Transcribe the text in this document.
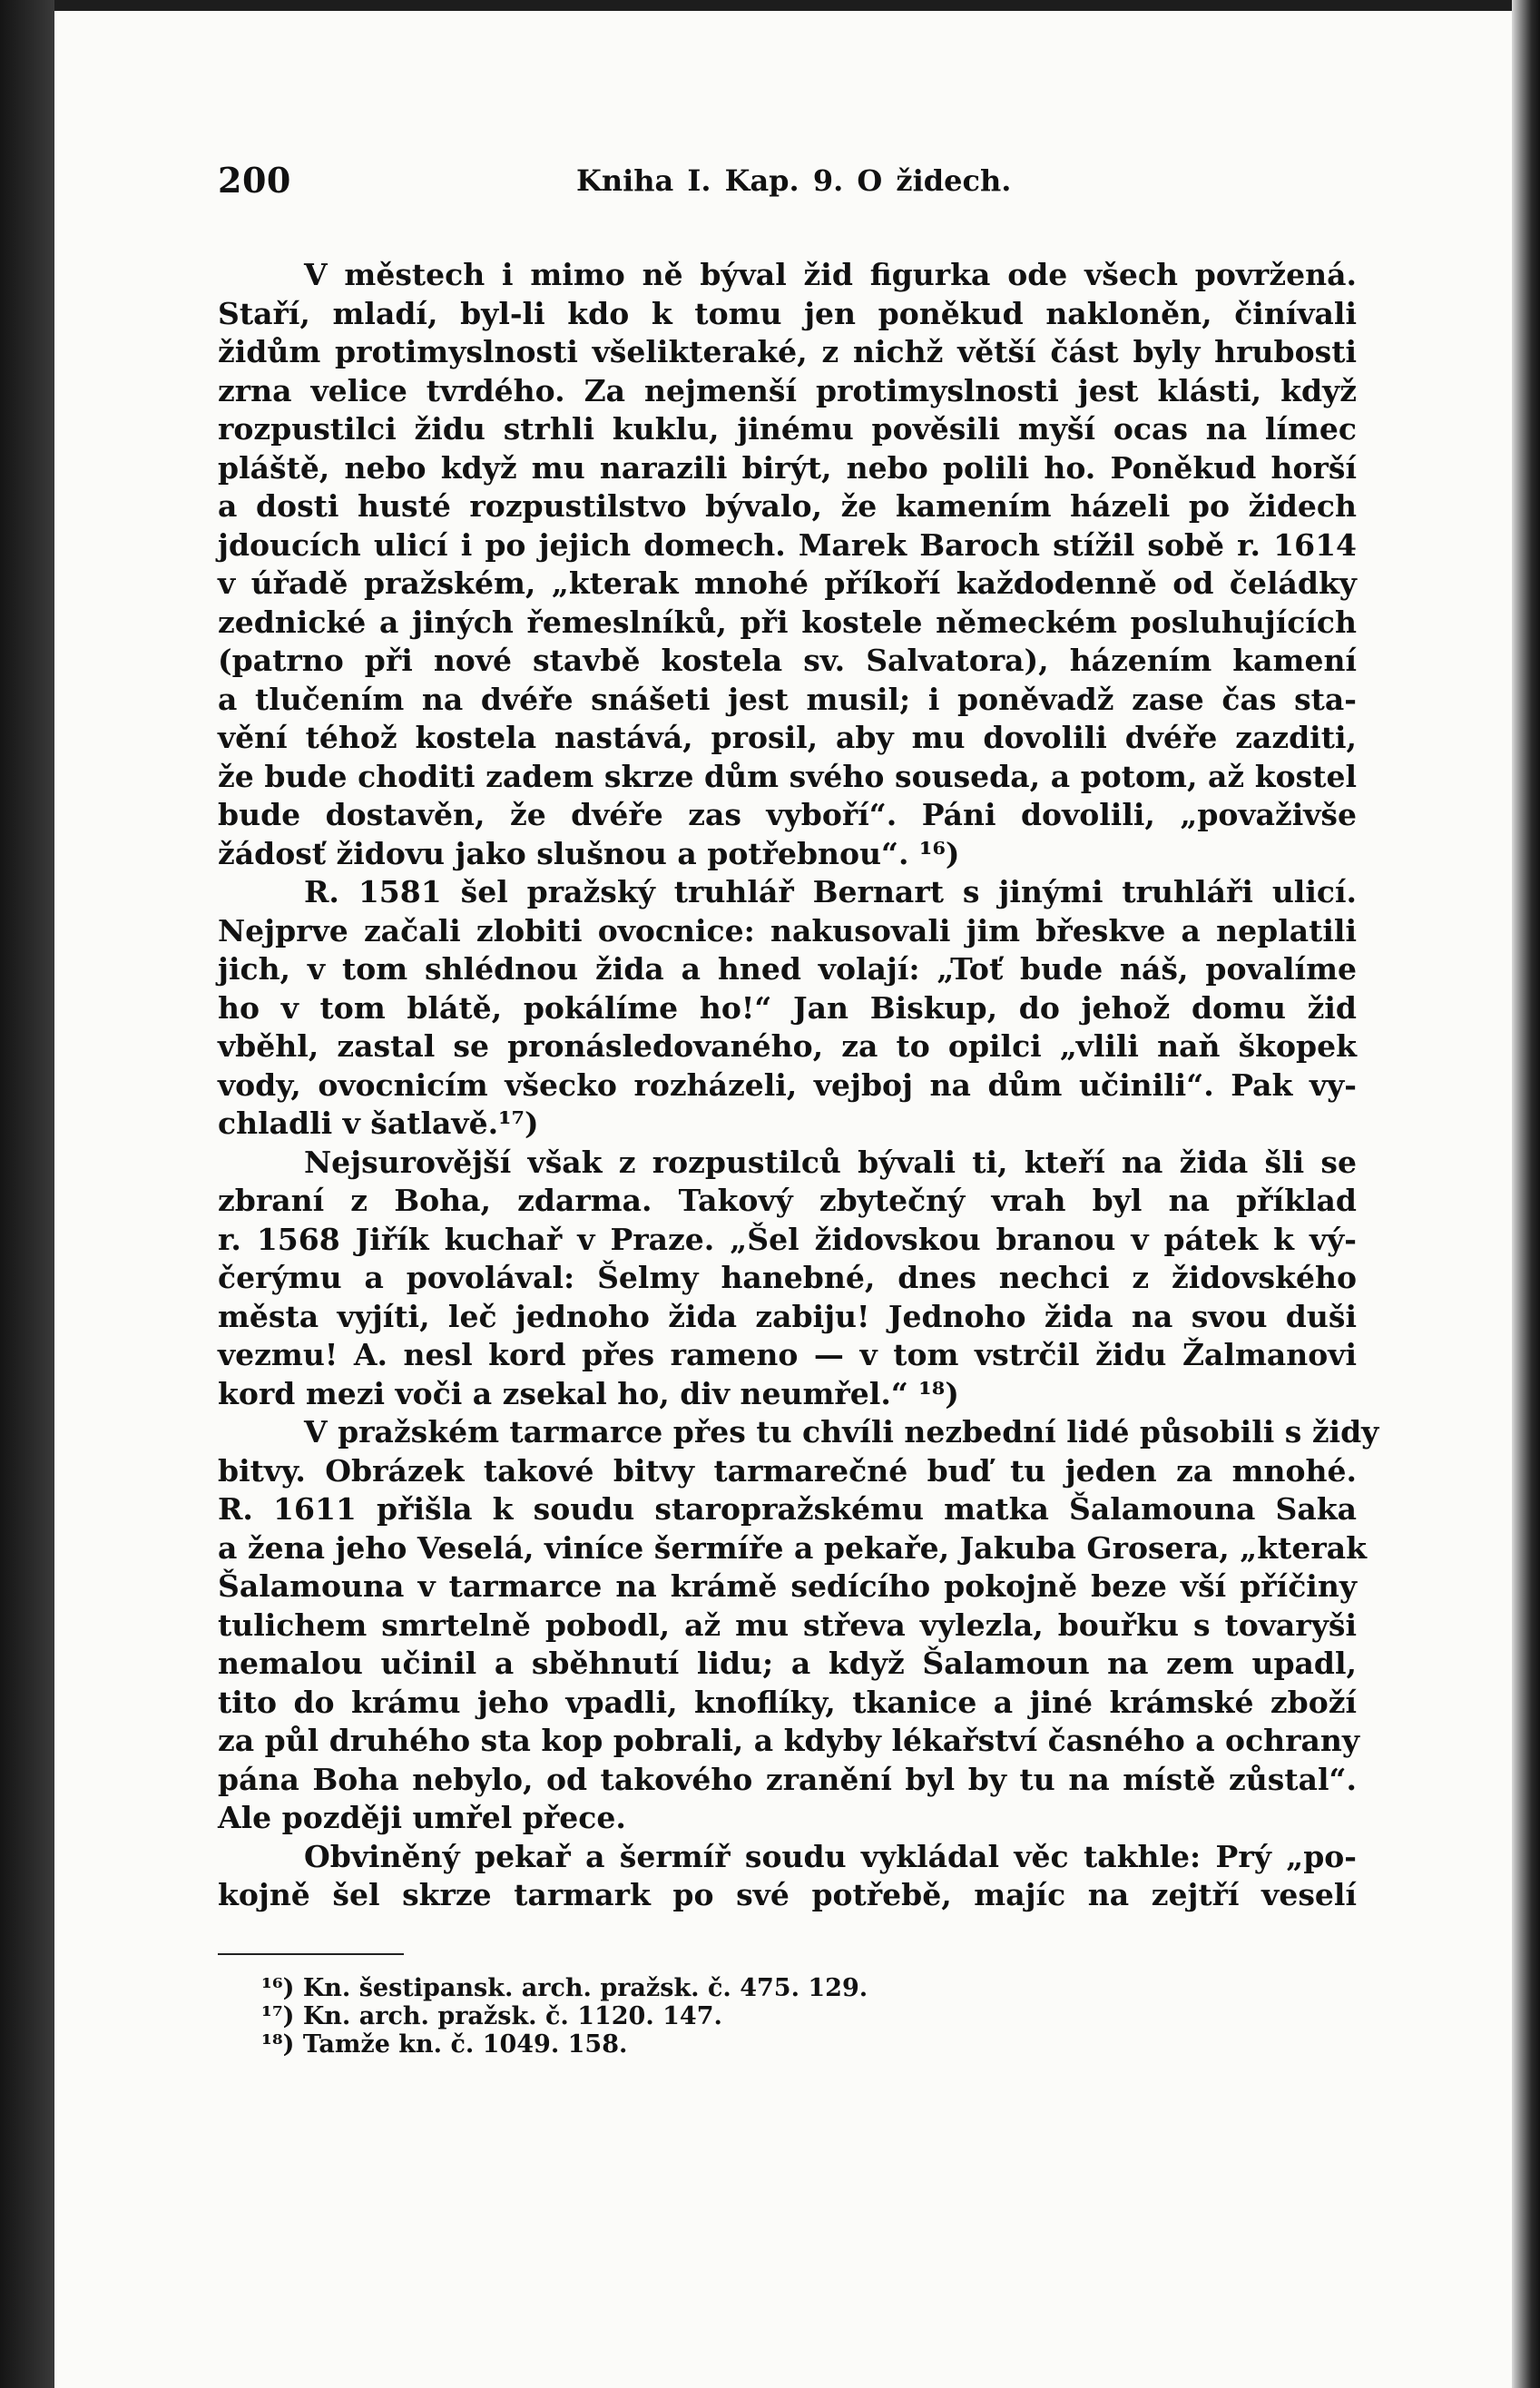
200	Kniha I. Kap. 9. O židech.
V městech i mimo ně býval žid figurka ode všech povržená.
Staří, mladí, byl-li kdo k tomu jen poněkud nakloněn, činívali
židům protimyslnosti všelikteraké, z nichž větší část byly hrubosti
zrna velice tvrdého. Za nejmenší protimyslnosti jest klásti, když
rozpustilci židu strhli kuklu, jinému pověsili myší ocas na límec
pláště, nebo když mu narazili birýt, nebo polili ho. Poněkud horší
a dosti husté rozpustilstvo bývalo, že kamením házeli po židech
jdoucích ulicí i po jejich domech. Marek Baroch stížil sobě r. 1614
v úřadě pražském, „kterak mnohé příkoří každodenně od čeládky
zednické a jiných řemeslníků, při kostele německém posluhujících
(patrno při nové stavbě kostela sv. Salvatora), házením kamení
a tlučením na dvéře snášeti jest musil; i poněvadž zase čas sta-
vění téhož kostela nastává, prosil, aby mu dovolili dvéře zazditi,
že bude choditi zadem skrze dům svého souseda, a potom, až kostel
bude dostavěn, že dvéře zas vyboří“. Páni dovolili, „považivše
žádosť židovu jako slušnou a potřebnou“. ¹⁶)
R. 1581 šel pražský truhlář Bernart s jinými truhláři ulicí.
Nejprve začali zlobiti ovocnice: nakusovali jim břeskve a neplatili
jich, v tom shlédnou žida a hned volají: „Toť bude náš, povalíme
ho v tom blátě, pokálíme ho!“ Jan Biskup, do jehož domu žid
vběhl, zastal se pronásledovaného, za to opilci „vlili naň škopek
vody, ovocnicím všecko rozházeli, vejboj na dům učinili“. Pak vy-
chladli v šatlavě.¹⁷)
Nejsurovější však z rozpustilců bývali ti, kteří na žida šli se
zbraní z Boha, zdarma. Takový zbytečný vrah byl na příklad
r. 1568 Jiřík kuchař v Praze. „Šel židovskou branou v pátek k vý-
čerýmu a povolával: Šelmy hanebné, dnes nechci z židovského
města vyjíti, leč jednoho žida zabiju! Jednoho žida na svou duši
vezmu! A. nesl kord přes rameno — v tom vstrčil židu Žalmanovi
kord mezi voči a zsekal ho, div neumřel.“ ¹⁸)
V pražském tarmarce přes tu chvíli nezbední lidé působili s židy
bitvy. Obrázek takové bitvy tarmarečné buď tu jeden za mnohé.
R. 1611 přišla k soudu staropražskému matka Šalamouna Saka
a žena jeho Veselá, viníce šermíře a pekaře, Jakuba Grosera, „kterak
Šalamouna v tarmarce na krámě sedícího pokojně beze vší příčiny
tulichem smrtelně pobodl, až mu střeva vylezla, bouřku s tovaryši
nemalou učinil a sběhnutí lidu; a když Šalamoun na zem upadl,
tito do krámu jeho vpadli, knoflíky, tkanice a jiné krámské zboží
za půl druhého sta kop pobrali, a kdyby lékařství časného a ochrany
pána Boha nebylo, od takového zranění byl by tu na místě zůstal“.
Ale později umřel přece.
Obviněný pekař a šermíř soudu vykládal věc takhle: Prý „po-
kojně šel skrze tarmark po své potřebě, majíc na zejtří veselí
¹⁶) Kn. šestipansk. arch. pražsk. č. 475. 129.
¹⁷) Kn. arch. pražsk. č. 1120. 147.
¹⁸) Tamže kn. č. 1049. 158.
